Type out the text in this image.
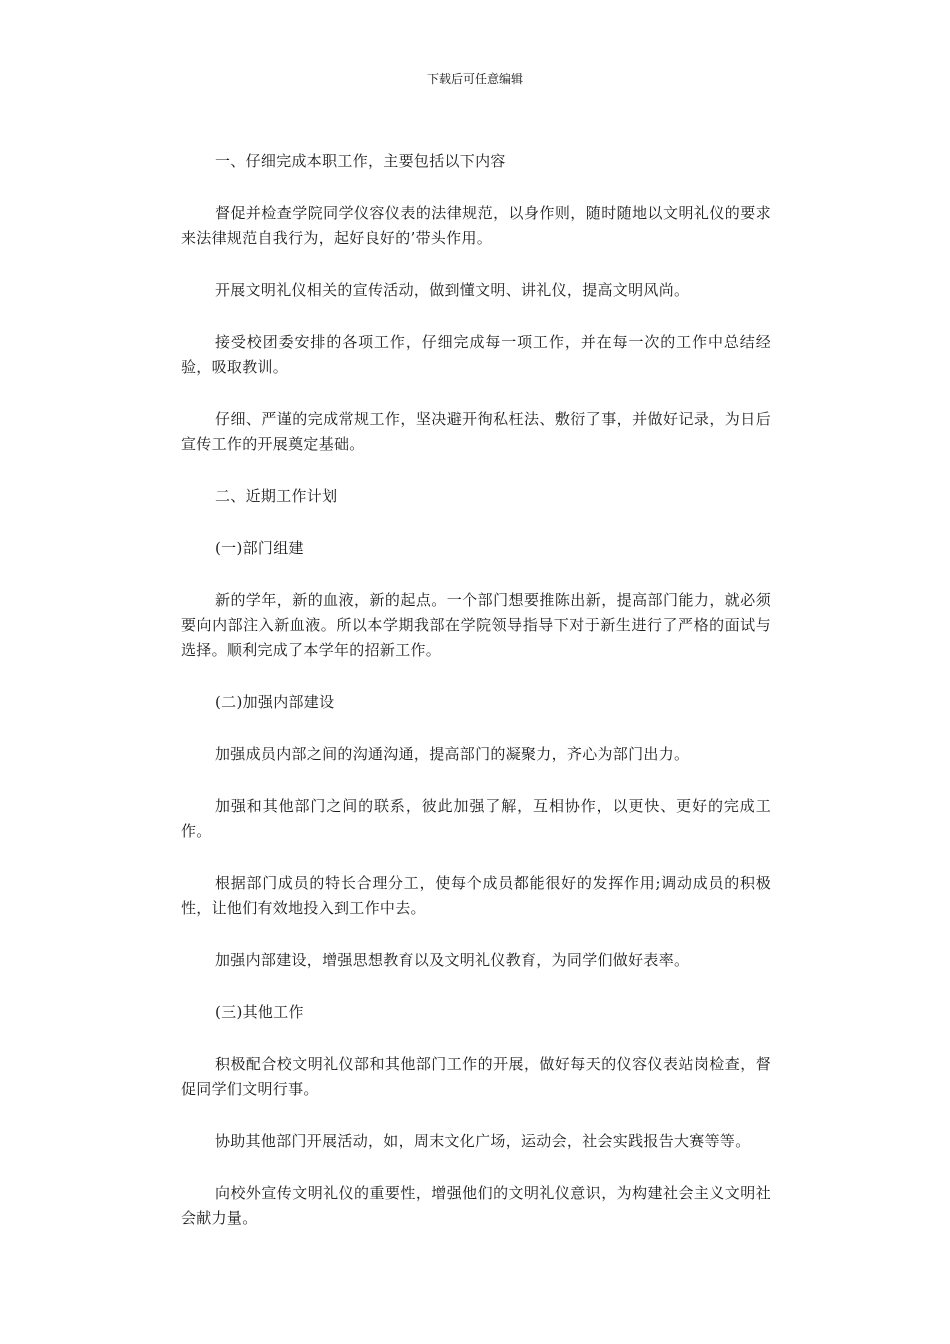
下载后可任意编辑

一、仔细完成本职工作，主要包括以下内容

督促并检查学院同学仪容仪表的法律规范，以身作则，随时随地以文明礼仪的要求来法律规范自我行为，起好良好的’带头作用。

开展文明礼仪相关的宣传活动，做到懂文明、讲礼仪，提高文明风尚。

接受校团委安排的各项工作，仔细完成每一项工作，并在每一次的工作中总结经验，吸取教训。

仔细、严谨的完成常规工作，坚决避开徇私枉法、敷衍了事，并做好记录，为日后宣传工作的开展奠定基础。

二、近期工作计划

(一)部门组建

新的学年，新的血液，新的起点。一个部门想要推陈出新，提高部门能力，就必须要向内部注入新血液。所以本学期我部在学院领导指导下对于新生进行了严格的面试与选择。顺利完成了本学年的招新工作。

(二)加强内部建设

加强成员内部之间的沟通沟通，提高部门的凝聚力，齐心为部门出力。

加强和其他部门之间的联系，彼此加强了解，互相协作，以更快、更好的完成工作。

根据部门成员的特长合理分工，使每个成员都能很好的发挥作用;调动成员的积极性，让他们有效地投入到工作中去。

加强内部建设，增强思想教育以及文明礼仪教育，为同学们做好表率。

(三)其他工作

积极配合校文明礼仪部和其他部门工作的开展，做好每天的仪容仪表站岗检查，督促同学们文明行事。

协助其他部门开展活动，如，周末文化广场，运动会，社会实践报告大赛等等。

向校外宣传文明礼仪的重要性，增强他们的文明礼仪意识，为构建社会主义文明社会献力量。
